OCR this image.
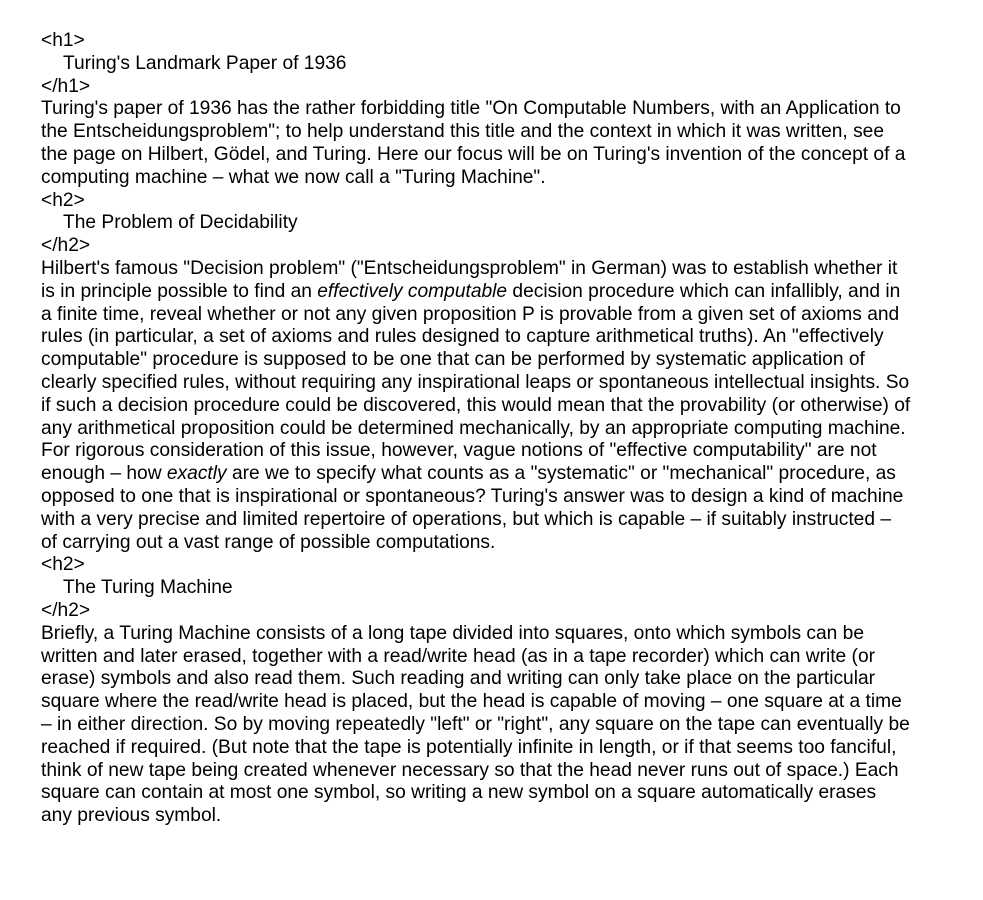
<h1>
Turing's Landmark Paper of 1936
</h1>

Turing's paper of 1936 has the rather forbidding title "On Computable Numbers, with an Application to the Entscheidungsproblem"; to help understand this title and the context in which it was written, see the page on Hilbert, Gödel, and Turing. Here our focus will be on Turing's invention of the concept of a computing machine – what we now call a "Turing Machine".

<h2>
The Problem of Decidability
</h2>

Hilbert's famous "Decision problem" ("Entscheidungsproblem" in German) was to establish whether it is in principle possible to find an effectively computable decision procedure which can infallibly, and in a finite time, reveal whether or not any given proposition P is provable from a given set of axioms and rules (in particular, a set of axioms and rules designed to capture arithmetical truths). An "effectively computable" procedure is supposed to be one that can be performed by systematic application of clearly specified rules, without requiring any inspirational leaps or spontaneous intellectual insights. So if such a decision procedure could be discovered, this would mean that the provability (or otherwise) of any arithmetical proposition could be determined mechanically, by an appropriate computing machine. For rigorous consideration of this issue, however, vague notions of "effective computability" are not enough – how exactly are we to specify what counts as a "systematic" or "mechanical" procedure, as opposed to one that is inspirational or spontaneous? Turing's answer was to design a kind of machine with a very precise and limited repertoire of operations, but which is capable – if suitably instructed – of carrying out a vast range of possible computations.

<h2>
The Turing Machine
</h2>

Briefly, a Turing Machine consists of a long tape divided into squares, onto which symbols can be written and later erased, together with a read/write head (as in a tape recorder) which can write (or erase) symbols and also read them. Such reading and writing can only take place on the particular square where the read/write head is placed, but the head is capable of moving – one square at a time – in either direction. So by moving repeatedly "left" or "right", any square on the tape can eventually be reached if required. (But note that the tape is potentially infinite in length, or if that seems too fanciful, think of new tape being created whenever necessary so that the head never runs out of space.) Each square can contain at most one symbol, so writing a new symbol on a square automatically erases any previous symbol.
